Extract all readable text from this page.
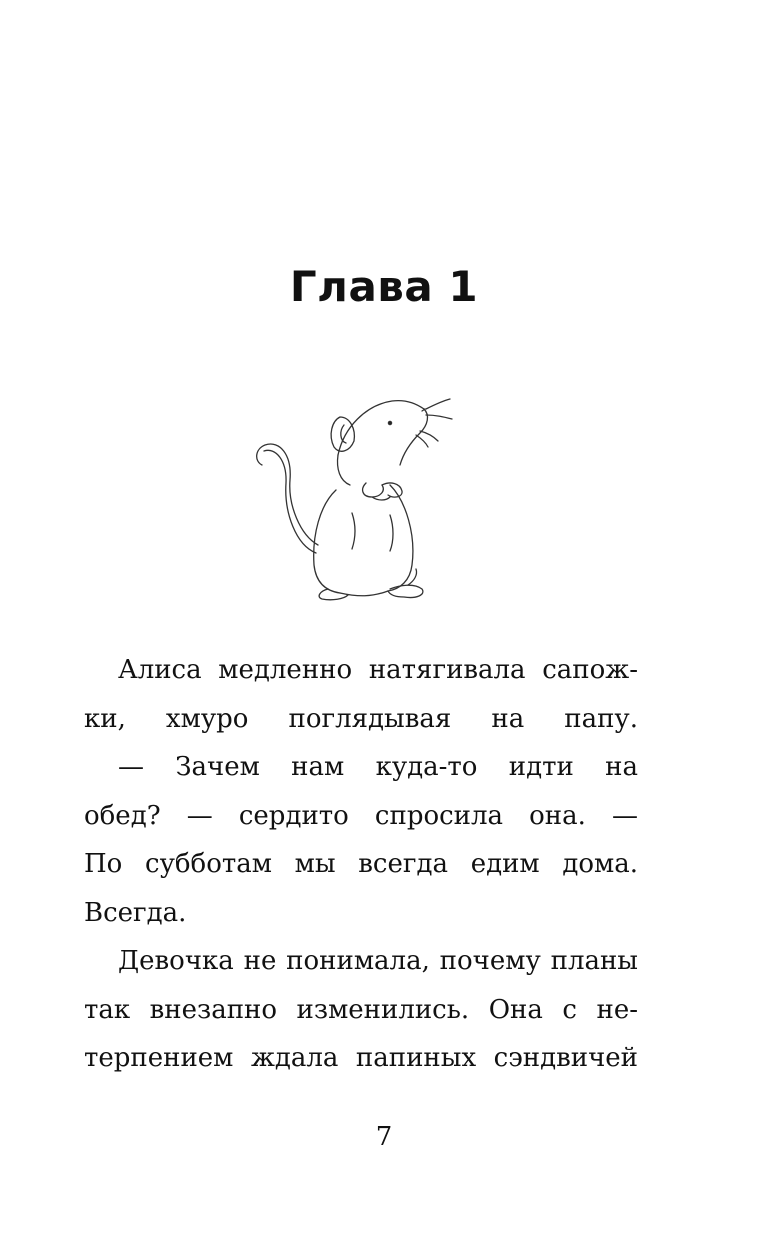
Глава 1

Алиса медленно натягивала сапож-
ки, хмуро поглядывая на папу.

— Зачем нам куда-то идти на
обед? — сердито спросила она. —
По субботам мы всегда едим дома.
Всегда.

Девочка не понимала, почему планы
так внезапно изменились. Она с не-
терпением ждала папиных сэндвичей

7
